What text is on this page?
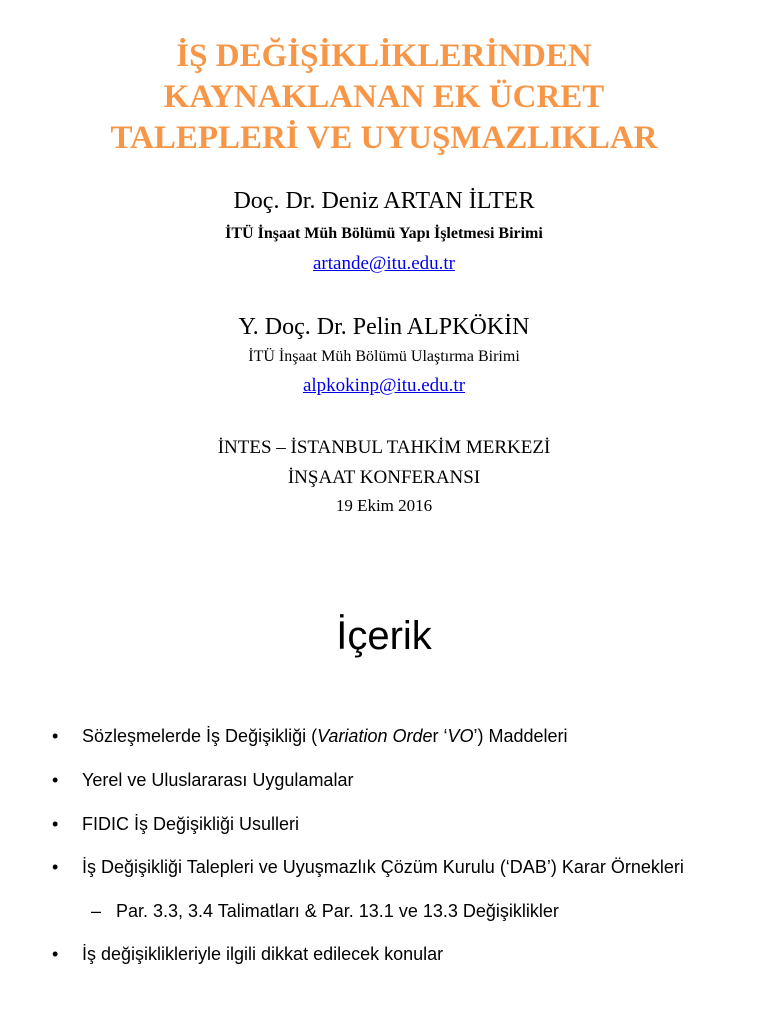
İŞ DEĞİŞİKLİKLERİNDEN
KAYNAKLANAN EK ÜCRET
TALEPLERİ VE UYUŞMAZLIKLAR
Doç. Dr. Deniz ARTAN İLTER
İTÜ İnşaat Müh Bölümü Yapı İşletmesi Birimi
artande@itu.edu.tr
Y. Doç. Dr. Pelin ALPKÖKİN
İTÜ İnşaat Müh Bölümü Ulaştırma Birimi
alpkokinp@itu.edu.tr
İNTES – İSTANBUL TAHKİM MERKEZİ
İNŞAAT KONFERANSI
19 Ekim 2016
İçerik
• Sözleşmelerde İş Değişikliği (Variation Order ‘VO’) Maddeleri
• Yerel ve Uluslararası Uygulamalar
• FIDIC İş Değişikliği Usulleri
• İş Değişikliği Talepleri ve Uyuşmazlık Çözüm Kurulu (‘DAB’) Karar Örnekleri
– Par. 3.3, 3.4 Talimatları & Par. 13.1 ve 13.3 Değişiklikler
• İş değişiklikleriyle ilgili dikkat edilecek konular
